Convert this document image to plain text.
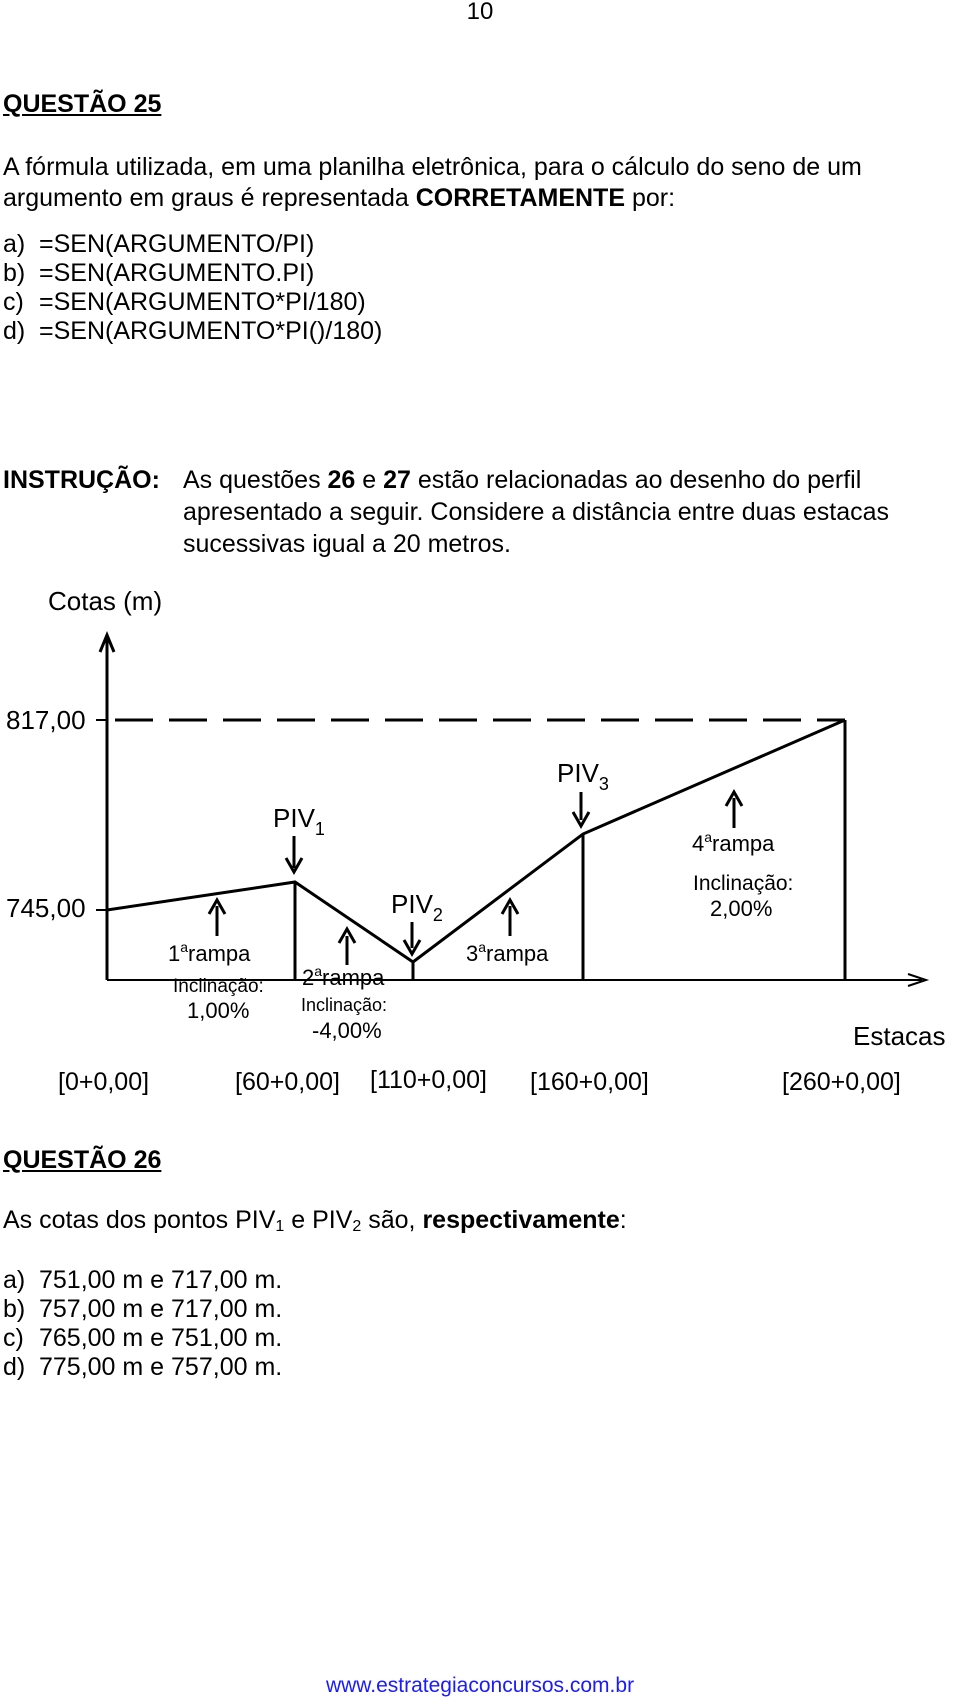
10
QUESTÃO 25
A fórmula utilizada, em uma planilha eletrônica, para o cálculo do seno de um argumento em graus é representada CORRETAMENTE por:
a) =SEN(ARGUMENTO/PI)
b) =SEN(ARGUMENTO.PI)
c) =SEN(ARGUMENTO*PI/180)
d) =SEN(ARGUMENTO*PI()/180)
INSTRUÇÃO: As questões 26 e 27 estão relacionadas ao desenho do perfil apresentado a seguir. Considere a distância entre duas estacas sucessivas igual a 20 metros.
Cotas (m)
817,00
745,00
$PIV_1$
$PIV_2$
$PIV_3$
1$^a$rampa
Inclinação:
1,00%
2$^a$rampa
Inclinação:
-4,00%
3$^a$rampa
4$^a$rampa
Inclinação:
2,00%
[0+0,00]	[60+0,00] [110+0,00] [160+0,00]	[260+0,00]
Estacas
QUESTÃO 26
As cotas dos pontos $PIV_1$ e $PIV_2$ são, respectivamente:
a) 751,00 m e 717,00 m.
b) 757,00 m e 717,00 m.
c) 765,00 m e 751,00 m.
d) 775,00 m e 757,00 m.
www.estrategiaconcursos.com.br
